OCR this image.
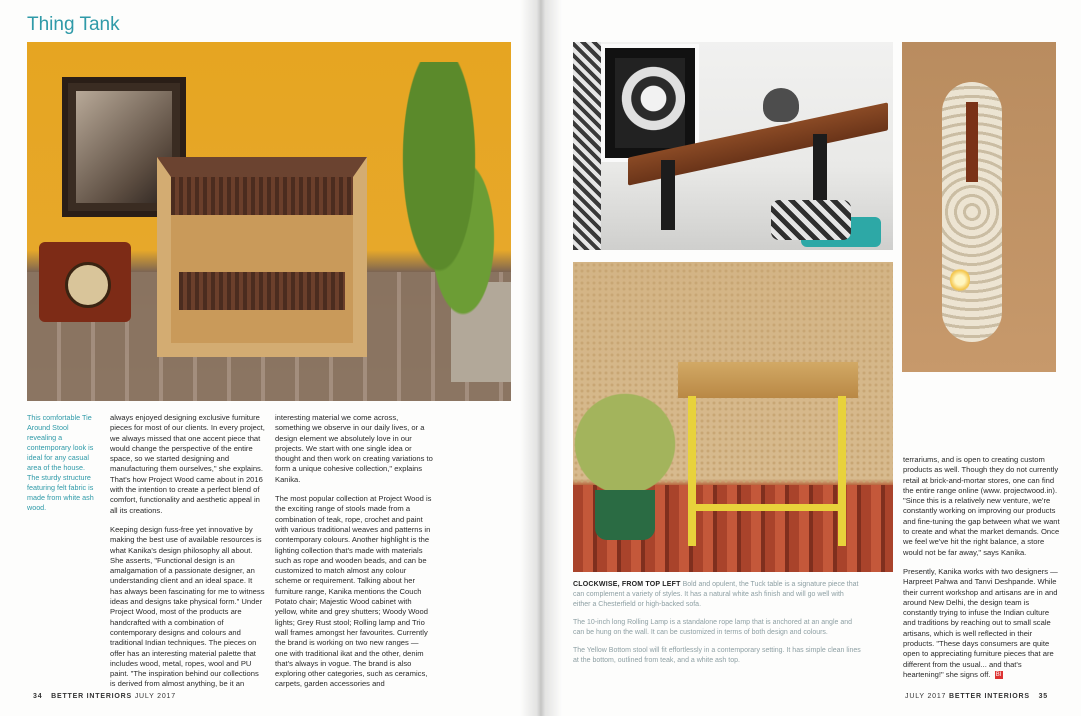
Thing Tank

This comfortable Tie Around Stool revealing a contemporary look is ideal for any casual area of the house. The sturdy structure featuring felt fabric is made from white ash wood.

always enjoyed designing exclusive furniture pieces for most of our clients. In every project, we always missed that one accent piece that would change the perspective of the entire space, so we started designing and manufacturing them ourselves," she explains. That's how Project Wood came about in 2016 with the intention to create a perfect blend of comfort, functionality and aesthetic appeal in all its creations.

Keeping design fuss-free yet innovative by making the best use of available resources is what Kanika's design philosophy all about. She asserts, "Functional design is an amalgamation of a passionate designer, an understanding client and an ideal space. It has always been fascinating for me to witness ideas and designs take physical form." Under Project Wood, most of the products are handcrafted with a combination of contemporary designs and colours and traditional Indian techniques. The pieces on offer has an interesting material palette that includes wood, metal, ropes, wool and PU paint. "The inspiration behind our collections is derived from almost anything, be it an

interesting material we come across, something we observe in our daily lives, or a design element we absolutely love in our projects. We start with one single idea or thought and then work on creating variations to form a unique cohesive collection," explains Kanika.

The most popular collection at Project Wood is the exciting range of stools made from a combination of teak, rope, crochet and paint with various traditional weaves and patterns in contemporary colours. Another highlight is the lighting collection that's made with materials such as rope and wooden beads, and can be customized to match almost any colour scheme or requirement. Talking about her furniture range, Kanika mentions the Couch Potato chair; Majestic Wood cabinet with yellow, white and grey shutters; Woody Wood lights; Grey Rust stool; Rolling lamp and Trio wall frames amongst her favourites. Currently the brand is working on two new ranges — one with traditional ikat and the other, denim that's always in vogue. The brand is also exploring other categories, such as ceramics, carpets, garden accessories and

34 BETTER INTERIORS JULY 2017

CLOCKWISE, FROM TOP LEFT Bold and opulent, the Tuck table is a signature piece that can complement a variety of styles. It has a natural white ash finish and will go well with either a Chesterfield or high-backed sofa.

The 10-inch long Rolling Lamp is a standalone rope lamp that is anchored at an angle and can be hung on the wall. It can be customized in terms of both design and colours.

The Yellow Bottom stool will fit effortlessly in a contemporary setting. It has simple clean lines at the bottom, outlined from teak, and a white ash top.

terrariums, and is open to creating custom products as well. Though they do not currently retail at brick-and-mortar stores, one can find the entire range online (www. projectwood.in). "Since this is a relatively new venture, we're constantly working on improving our products and fine-tuning the gap between what we want to create and what the market demands. Once we feel we've hit the right balance, a store would not be far away," says Kanika.

Presently, Kanika works with two designers — Harpreet Pahwa and Tanvi Deshpande. While their current workshop and artisans are in and around New Delhi, the design team is constantly trying to infuse the Indian culture and traditions by reaching out to small scale artisans, which is well reflected in their products. "These days consumers are quite open to appreciating furniture pieces that are different from the usual... and that's heartening!" she signs off. BI

JULY 2017 BETTER INTERIORS 35
